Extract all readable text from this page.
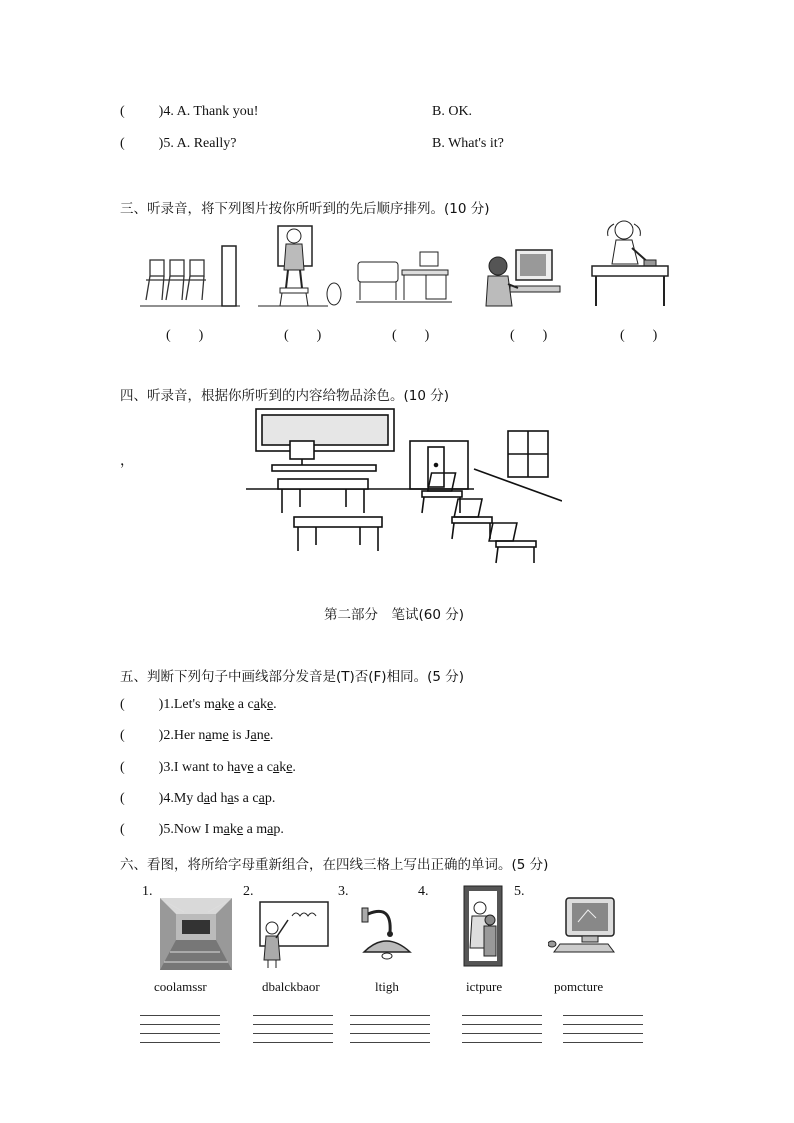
( )4. A. Thank you!	B. OK.
( )5. A. Really?	B. What's it?
三、听录音，将下列图片按你所听到的先后顺序排列。(10 分)
(　　)	(　　)	(　　)	(　　)	(　　)
四、听录音，根据你所听到的内容给物品涂色。(10 分)
，
第二部分　笔试(60 分)
五、判断下列句子中画线部分发音是(T)否(F)相同。(5 分)
( )1.Let's make a cake.
( )2.Her name is Jane.
( )3.I want to have a cake.
( )4.My dad has a cap.
( )5.Now I make a map.
六、看图，将所给字母重新组合，在四线三格上写出正确的单词。(5 分)
1.	2.	3.	4.	5.
coolamssr	dbalckbaor	ltigh	ictpure	pomcture
